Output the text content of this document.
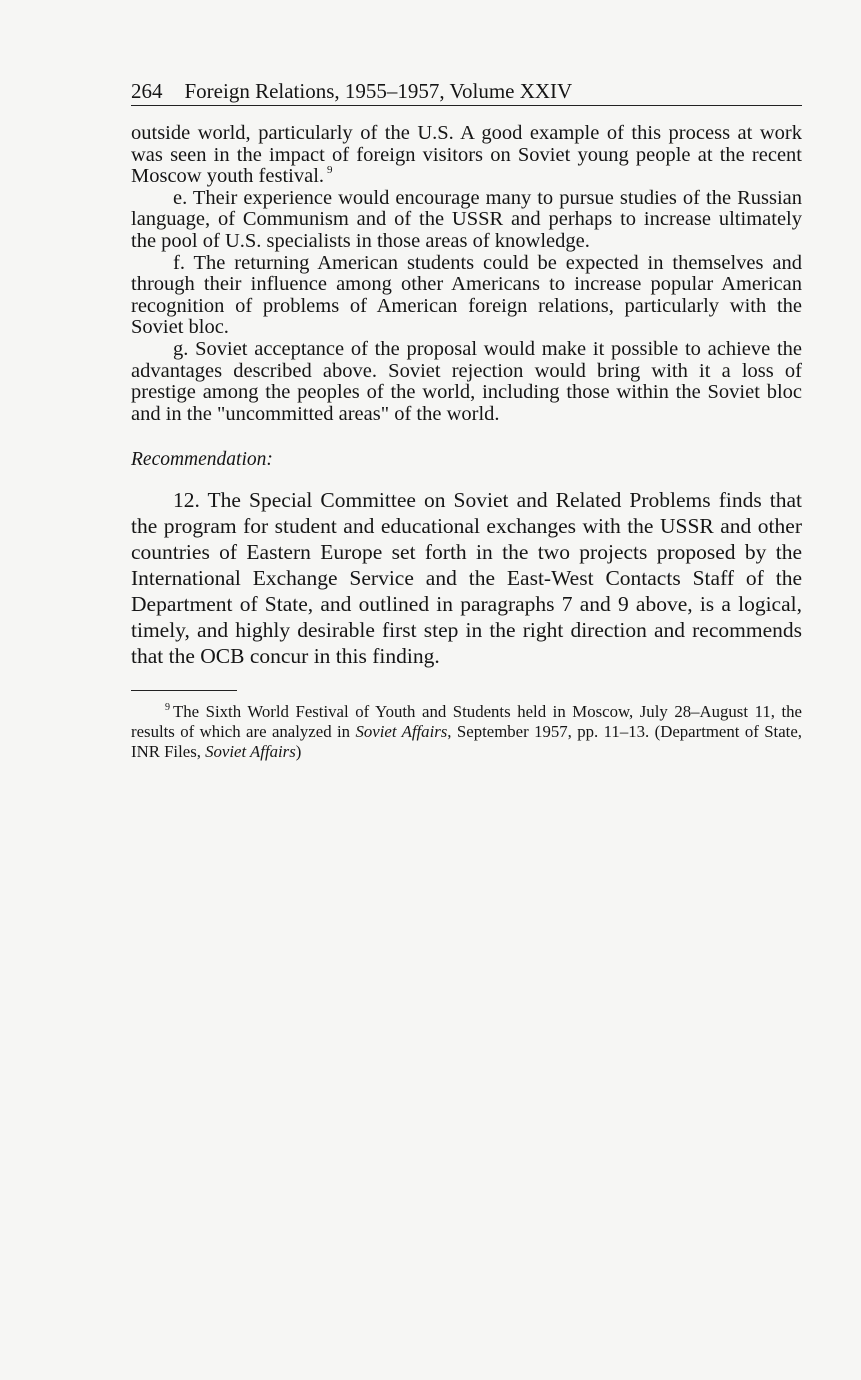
264 Foreign Relations, 1955–1957, Volume XXIV

outside world, particularly of the U.S. A good example of this process at work was seen in the impact of foreign visitors on Soviet young people at the recent Moscow youth festival. $^9$

e. Their experience would encourage many to pursue studies of the Russian language, of Communism and of the USSR and perhaps to increase ultimately the pool of U.S. specialists in those areas of knowledge.

f. The returning American students could be expected in themselves and through their influence among other Americans to increase popular American recognition of problems of American foreign relations, particularly with the Soviet bloc.

g. Soviet acceptance of the proposal would make it possible to achieve the advantages described above. Soviet rejection would bring with it a loss of prestige among the peoples of the world, including those within the Soviet bloc and in the "uncommitted areas" of the world.

Recommendation:

12. The Special Committee on Soviet and Related Problems finds that the program for student and educational exchanges with the USSR and other countries of Eastern Europe set forth in the two projects proposed by the International Exchange Service and the East-West Contacts Staff of the Department of State, and outlined in paragraphs 7 and 9 above, is a logical, timely, and highly desirable first step in the right direction and recommends that the OCB concur in this finding.

$^9$ The Sixth World Festival of Youth and Students held in Moscow, July 28–August 11, the results of which are analyzed in Soviet Affairs, September 1957, pp. 11–13. (Department of State, INR Files, Soviet Affairs)
